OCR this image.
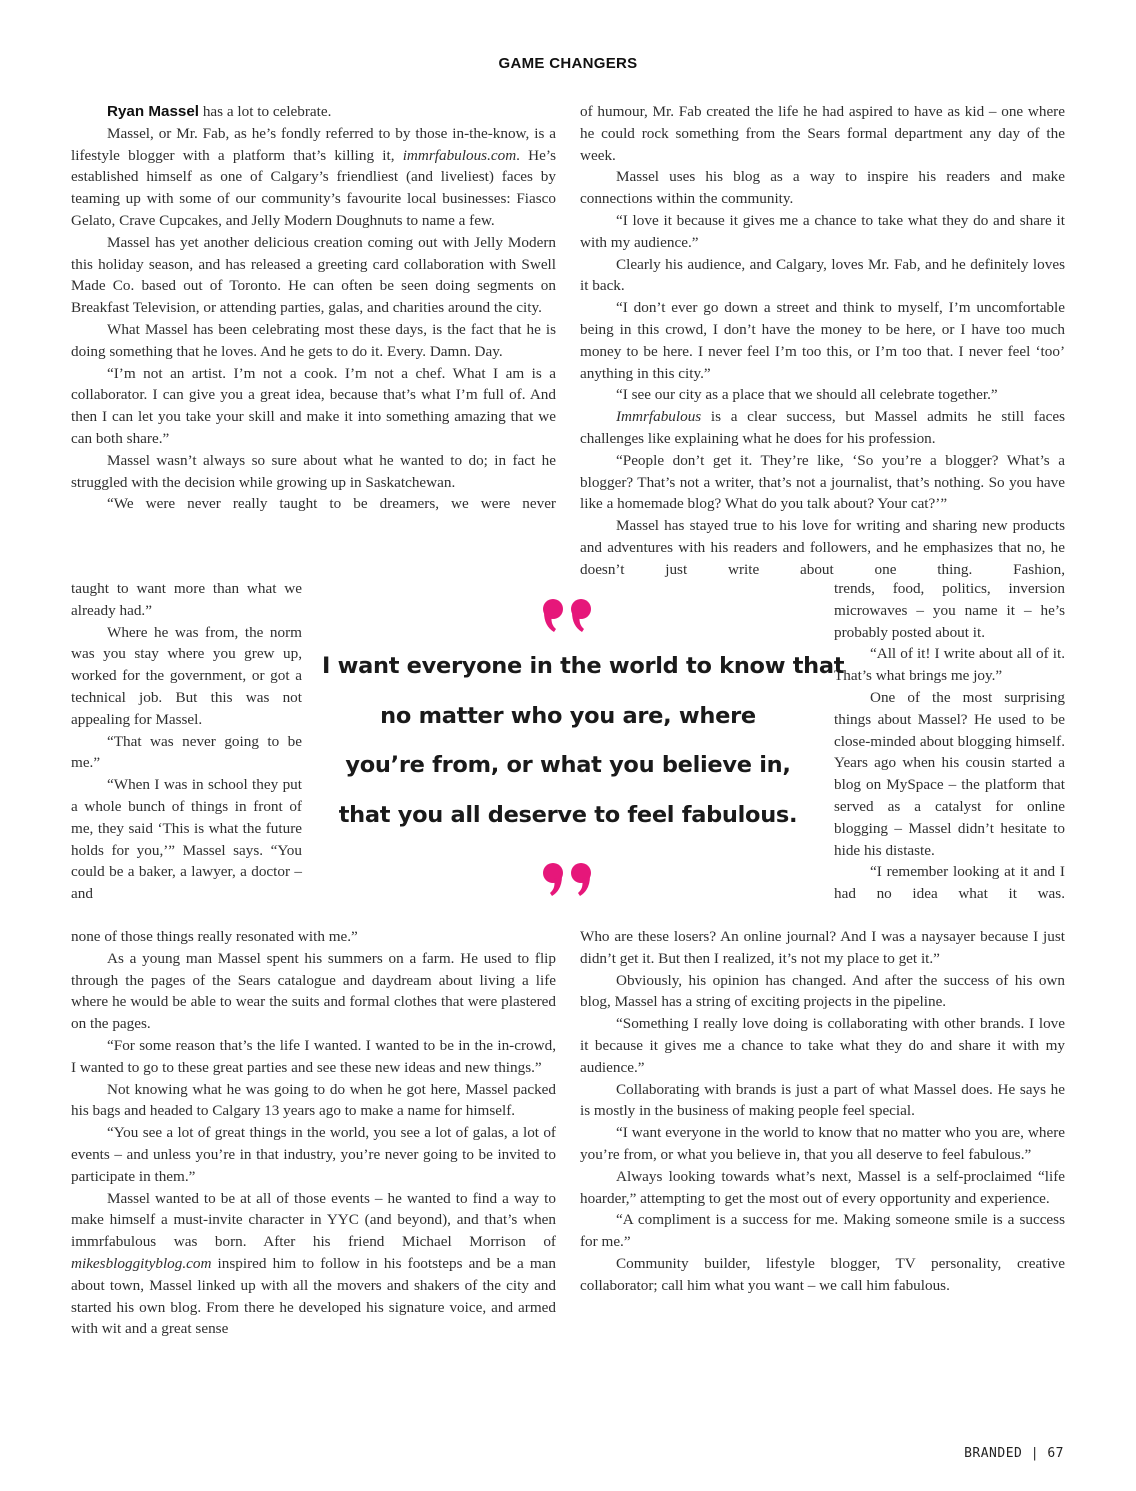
GAME CHANGERS

Ryan Massel has a lot to celebrate.

Massel, or Mr. Fab, as he’s fondly referred to by those in-the-know, is a lifestyle blogger with a platform that’s killing it, immrfabulous.com. He’s established himself as one of Calgary’s friendliest (and liveliest) faces by teaming up with some of our community’s favourite local businesses: Fiasco Gelato, Crave Cupcakes, and Jelly Modern Doughnuts to name a few.

Massel has yet another delicious creation coming out with Jelly Modern this holiday season, and has released a greeting card collaboration with Swell Made Co. based out of Toronto. He can often be seen doing segments on Breakfast Television, or attending parties, galas, and charities around the city.

What Massel has been celebrating most these days, is the fact that he is doing something that he loves. And he gets to do it. Every. Damn. Day.

“I’m not an artist. I’m not a cook. I’m not a chef. What I am is a collaborator. I can give you a great idea, because that’s what I’m full of. And then I can let you take your skill and make it into something amazing that we can both share.”

Massel wasn’t always so sure about what he wanted to do; in fact he struggled with the decision while growing up in Saskatchewan.

“We were never really taught to be dreamers, we were never

taught to want more than what we already had.”

Where he was from, the norm was you stay where you grew up, worked for the government, or got a technical job. But this was not appealing for Massel.

“That was never going to be me.”

“When I was in school they put a whole bunch of things in front of me, they said ‘This is what the future holds for you,’” Massel says. “You could be a baker, a lawyer, a doctor – and

none of those things really resonated with me.”

As a young man Massel spent his summers on a farm. He used to flip through the pages of the Sears catalogue and daydream about living a life where he would be able to wear the suits and formal clothes that were plastered on the pages.

“For some reason that’s the life I wanted. I wanted to be in the in-crowd, I wanted to go to these great parties and see these new ideas and new things.”

Not knowing what he was going to do when he got here, Massel packed his bags and headed to Calgary 13 years ago to make a name for himself.

“You see a lot of great things in the world, you see a lot of galas, a lot of events – and unless you’re in that industry, you’re never going to be invited to participate in them.”

Massel wanted to be at all of those events – he wanted to find a way to make himself a must-invite character in YYC (and beyond), and that’s when immrfabulous was born. After his friend Michael Morrison of mikesbloggityblog.com inspired him to follow in his footsteps and be a man about town, Massel linked up with all the movers and shakers of the city and started his own blog. From there he developed his signature voice, and armed with wit and a great sense

of humour, Mr. Fab created the life he had aspired to have as kid – one where he could rock something from the Sears formal department any day of the week.

Massel uses his blog as a way to inspire his readers and make connections within the community.

“I love it because it gives me a chance to take what they do and share it with my audience.”

Clearly his audience, and Calgary, loves Mr. Fab, and he definitely loves it back.

“I don’t ever go down a street and think to myself, I’m uncomfortable being in this crowd, I don’t have the money to be here, or I have too much money to be here. I never feel I’m too this, or I’m too that. I never feel ‘too’ anything in this city.”

“I see our city as a place that we should all celebrate together.”

Immrfabulous is a clear success, but Massel admits he still faces challenges like explaining what he does for his profession.

“People don’t get it. They’re like, ‘So you’re a blogger? What’s a blogger? That’s not a writer, that’s not a journalist, that’s nothing. So you have like a homemade blog? What do you talk about? Your cat?’”

Massel has stayed true to his love for writing and sharing new products and adventures with his readers and followers, and he emphasizes that no, he doesn’t just write about one thing. Fashion,

trends, food, politics, inversion microwaves – you name it – he’s probably posted about it.

“All of it! I write about all of it. That’s what brings me joy.”

One of the most surprising things about Massel? He used to be close-minded about blogging himself. Years ago when his cousin started a blog on MySpace – the platform that served as a catalyst for online blogging – Massel didn’t hesitate to hide his distaste.

“I remember looking at it and I had no idea what it was.

Who are these losers? An online journal? And I was a naysayer because I just didn’t get it. But then I realized, it’s not my place to get it.”

Obviously, his opinion has changed. And after the success of his own blog, Massel has a string of exciting projects in the pipeline.

“Something I really love doing is collaborating with other brands. I love it because it gives me a chance to take what they do and share it with my audience.”

Collaborating with brands is just a part of what Massel does. He says he is mostly in the business of making people feel special.

“I want everyone in the world to know that no matter who you are, where you’re from, or what you believe in, that you all deserve to feel fabulous.”

Always looking towards what’s next, Massel is a self-proclaimed “life hoarder,” attempting to get the most out of every opportunity and experience.

“A compliment is a success for me. Making someone smile is a success for me.”

Community builder, lifestyle blogger, TV personality, creative collaborator; call him what you want – we call him fabulous.

I want everyone in the world to know that
no matter who you are, where
you’re from, or what you believe in,
that you all deserve to feel fabulous.
BRANDED | 67
